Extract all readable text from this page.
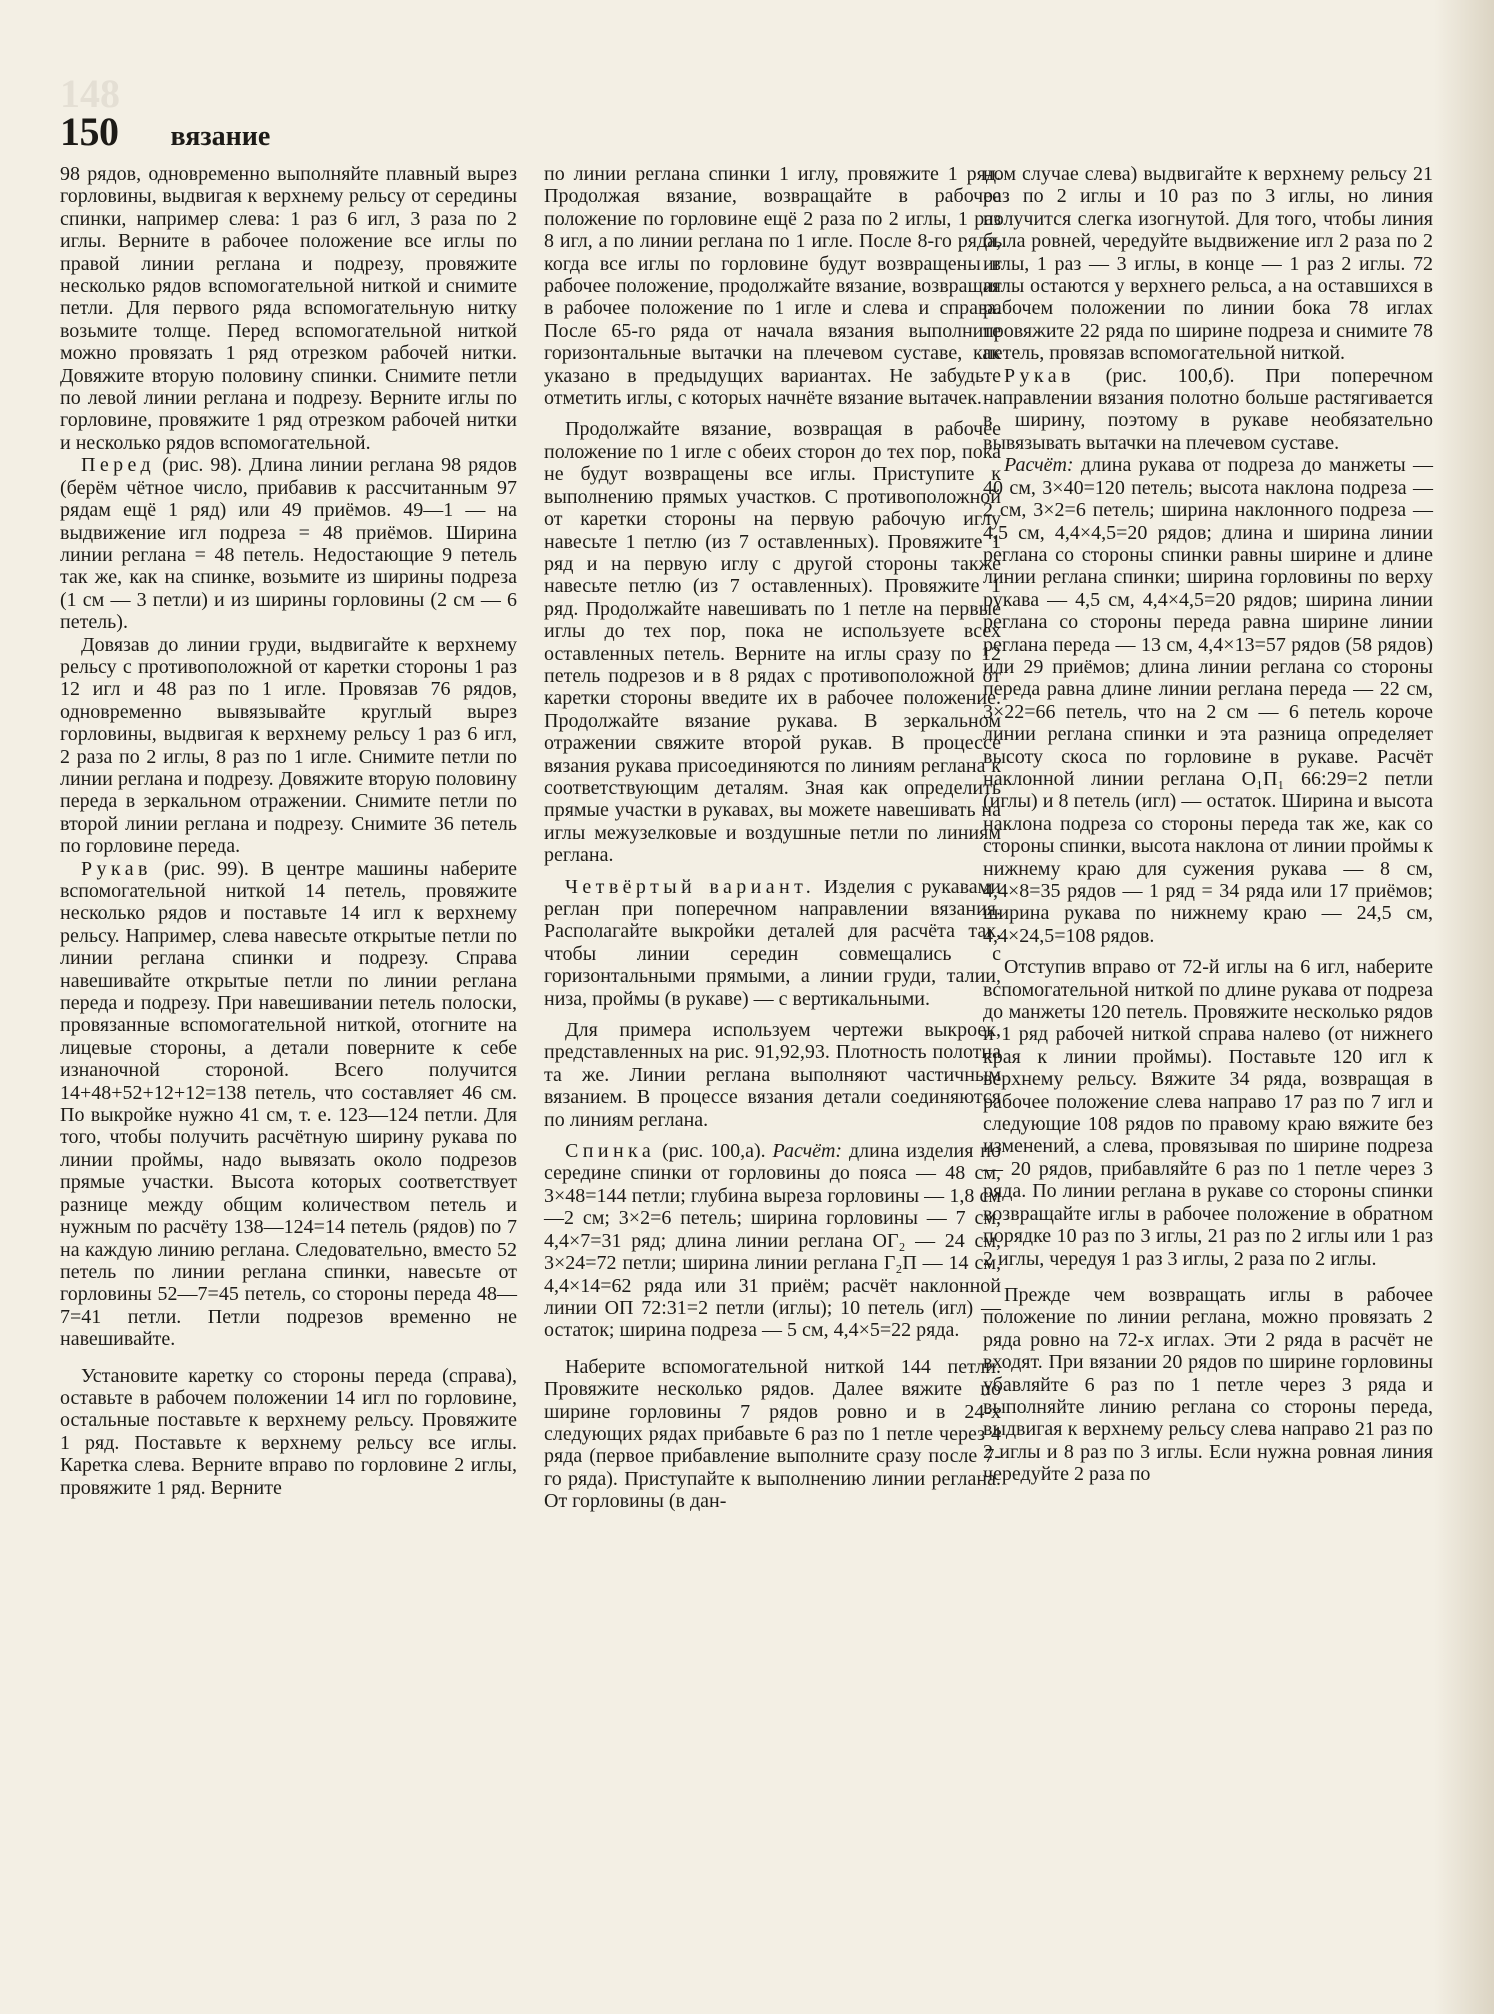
148
150 вязание

98 рядов, одновременно выполняйте плавный вырез горловины, выдвигая к верхнему рельсу от середины спинки, например слева: 1 раз 6 игл, 3 раза по 2 иглы. Верните в рабочее положение все иглы по правой линии реглана и подрезу, провяжите несколько рядов вспомогательной ниткой и снимите петли. Для первого ряда вспомогательную нитку возьмите толще. Перед вспомогательной ниткой можно провязать 1 ряд отрезком рабочей нитки. Довяжите вторую половину спинки. Снимите петли по левой линии реглана и подрезу. Верните иглы по горловине, провяжите 1 ряд отрезком рабочей нитки и несколько рядов вспомогательной.

Перед (рис. 98). Длина линии реглана 98 рядов (берём чётное число, прибавив к рассчитанным 97 рядам ещё 1 ряд) или 49 приёмов. 49—1 — на выдвижение игл подреза = 48 приёмов. Ширина линии реглана = 48 петель. Недостающие 9 петель так же, как на спинке, возьмите из ширины подреза (1 см — 3 петли) и из ширины горловины (2 см — 6 петель).

Довязав до линии груди, выдвигайте к верхнему рельсу с противоположной от каретки стороны 1 раз 12 игл и 48 раз по 1 игле. Провязав 76 рядов, одновременно вывязывайте круглый вырез горловины, выдвигая к верхнему рельсу 1 раз 6 игл, 2 раза по 2 иглы, 8 раз по 1 игле. Снимите петли по линии реглана и подрезу. Довяжите вторую половину переда в зеркальном отражении. Снимите петли по второй линии реглана и подрезу. Снимите 36 петель по горловине переда.

Рукав (рис. 99). В центре машины наберите вспомогательной ниткой 14 петель, провяжите несколько рядов и поставьте 14 игл к верхнему рельсу. Например, слева навесьте открытые петли по линии реглана спинки и подрезу. Справа навешивайте открытые петли по линии реглана переда и подрезу. При навешивании петель полоски, провязанные вспомогательной ниткой, отогните на лицевые стороны, а детали поверните к себе изнаночной стороной. Всего получится 14+48+52+12+12=138 петель, что составляет 46 см. По выкройке нужно 41 см, т. е. 123—124 петли. Для того, чтобы получить расчётную ширину рукава по линии проймы, надо вывязать около подрезов прямые участки. Высота которых соответствует разнице между общим количеством петель и нужным по расчёту 138—124=14 петель (рядов) по 7 на каждую линию реглана. Следовательно, вместо 52 петель по линии реглана спинки, навесьте от горловины 52—7=45 петель, со стороны переда 48—7=41 петли. Петли подрезов временно не навешивайте.

Установите каретку со стороны переда (справа), оставьте в рабочем положении 14 игл по горловине, остальные поставьте к верхнему рельсу. Провяжите 1 ряд. Поставьте к верхнему рельсу все иглы. Каретка слева. Верните вправо по горловине 2 иглы, провяжите 1 ряд. Верните

по линии реглана спинки 1 иглу, провяжите 1 ряд. Продолжая вязание, возвращайте в рабочее положение по горловине ещё 2 раза по 2 иглы, 1 раз 8 игл, а по линии реглана по 1 игле. После 8-го ряда, когда все иглы по горловине будут возвращены в рабочее положение, продолжайте вязание, возвращая в рабочее положение по 1 игле и слева и справа. После 65-го ряда от начала вязания выполните горизонтальные вытачки на плечевом суставе, как указано в предыдущих вариантах. Не забудьте отметить иглы, с которых начнёте вязание вытачек.

Продолжайте вязание, возвращая в рабочее положение по 1 игле с обеих сторон до тех пор, пока не будут возвращены все иглы. Приступите к выполнению прямых участков. С противоположной от каретки стороны на первую рабочую иглу навесьте 1 петлю (из 7 оставленных). Провяжите 1 ряд и на первую иглу с другой стороны также навесьте петлю (из 7 оставленных). Провяжите 1 ряд. Продолжайте навешивать по 1 петле на первые иглы до тех пор, пока не используете всех оставленных петель. Верните на иглы сразу по 12 петель подрезов и в 8 рядах с противоположной от каретки стороны введите их в рабочее положение. Продолжайте вязание рукава. В зеркальном отражении свяжите второй рукав. В процессе вязания рукава присоединяются по линиям реглана к соответствующим деталям. Зная как определить прямые участки в рукавах, вы можете навешивать на иглы межузелковые и воздушные петли по линиям реглана.

Четвёртый вариант. Изделия с рукавами реглан при поперечном направлении вязания. Располагайте выкройки деталей для расчёта так, чтобы линии середин совмещались с горизонтальными прямыми, а линии груди, талии, низа, проймы (в рукаве) — с вертикальными.

Для примера используем чертежи выкроек, представленных на рис. 91,92,93. Плотность полотна та же. Линии реглана выполняют частичным вязанием. В процессе вязания детали соединяются по линиям реглана.

Спинка (рис. 100,а). Расчёт: длина изделия по середине спинки от горловины до пояса — 48 см, 3×48=144 петли; глубина выреза горловины — 1,8 см—2 см; 3×2=6 петель; ширина горловины — 7 см, 4,4×7=31 ряд; длина линии реглана ОГ₂ — 24 см, 3×24=72 петли; ширина линии реглана Г₂П — 14 см, 4,4×14=62 ряда или 31 приём; расчёт наклонной линии ОП 72:31=2 петли (иглы); 10 петель (игл) — остаток; ширина подреза — 5 см, 4,4×5=22 ряда.

Наберите вспомогательной ниткой 144 петли. Провяжите несколько рядов. Далее вяжите по ширине горловины 7 рядов ровно и в 24-х следующих рядах прибавьте 6 раз по 1 петле через 4 ряда (первое прибавление выполните сразу после 7-го ряда). Приступайте к выполнению линии реглана. От горловины (в дан-

ном случае слева) выдвигайте к верхнему рельсу 21 раз по 2 иглы и 10 раз по 3 иглы, но линия получится слегка изогнутой. Для того, чтобы линия была ровней, чередуйте выдвижение игл 2 раза по 2 иглы, 1 раз — 3 иглы, в конце — 1 раз 2 иглы. 72 иглы остаются у верхнего рельса, а на оставшихся в рабочем положении по линии бока 78 иглах провяжите 22 ряда по ширине подреза и снимите 78 петель, провязав вспомогательной ниткой.

Рукав (рис. 100,б). При поперечном направлении вязания полотно больше растягивается в ширину, поэтому в рукаве необязательно вывязывать вытачки на плечевом суставе.

Расчёт: длина рукава от подреза до манжеты — 40 см, 3×40=120 петель; высота наклона подреза — 2 см, 3×2=6 петель; ширина наклонного подреза — 4,5 см, 4,4×4,5=20 рядов; длина и ширина линии реглана со стороны спинки равны ширине и длине линии реглана спинки; ширина горловины по верху рукава — 4,5 см, 4,4×4,5=20 рядов; ширина линии реглана со стороны переда равна ширине линии реглана переда — 13 см, 4,4×13=57 рядов (58 рядов) или 29 приёмов; длина линии реглана со стороны переда равна длине линии реглана переда — 22 см, 3×22=66 петель, что на 2 см — 6 петель короче линии реглана спинки и эта разница определяет высоту скоса по горловине в рукаве. Расчёт наклонной линии реглана О₁П₁ 66:29=2 петли (иглы) и 8 петель (игл) — остаток. Ширина и высота наклона подреза со стороны переда так же, как со стороны спинки, высота наклона от линии проймы к нижнему краю для сужения рукава — 8 см, 4,4×8=35 рядов — 1 ряд = 34 ряда или 17 приёмов; ширина рукава по нижнему краю — 24,5 см, 4,4×24,5=108 рядов.

Отступив вправо от 72-й иглы на 6 игл, наберите вспомогательной ниткой по длине рукава от подреза до манжеты 120 петель. Провяжите несколько рядов и 1 ряд рабочей ниткой справа налево (от нижнего края к линии проймы). Поставьте 120 игл к верхнему рельсу. Вяжите 34 ряда, возвращая в рабочее положение слева направо 17 раз по 7 игл и следующие 108 рядов по правому краю вяжите без изменений, а слева, провязывая по ширине подреза — 20 рядов, прибавляйте 6 раз по 1 петле через 3 ряда. По линии реглана в рукаве со стороны спинки возвращайте иглы в рабочее положение в обратном порядке 10 раз по 3 иглы, 21 раз по 2 иглы или 1 раз 2 иглы, чередуя 1 раз 3 иглы, 2 раза по 2 иглы.

Прежде чем возвращать иглы в рабочее положение по линии реглана, можно провязать 2 ряда ровно на 72-х иглах. Эти 2 ряда в расчёт не входят. При вязании 20 рядов по ширине горловины убавляйте 6 раз по 1 петле через 3 ряда и выполняйте линию реглана со стороны переда, выдвигая к верхнему рельсу слева направо 21 раз по 2 иглы и 8 раз по 3 иглы. Если нужна ровная линия чередуйте 2 раза по
